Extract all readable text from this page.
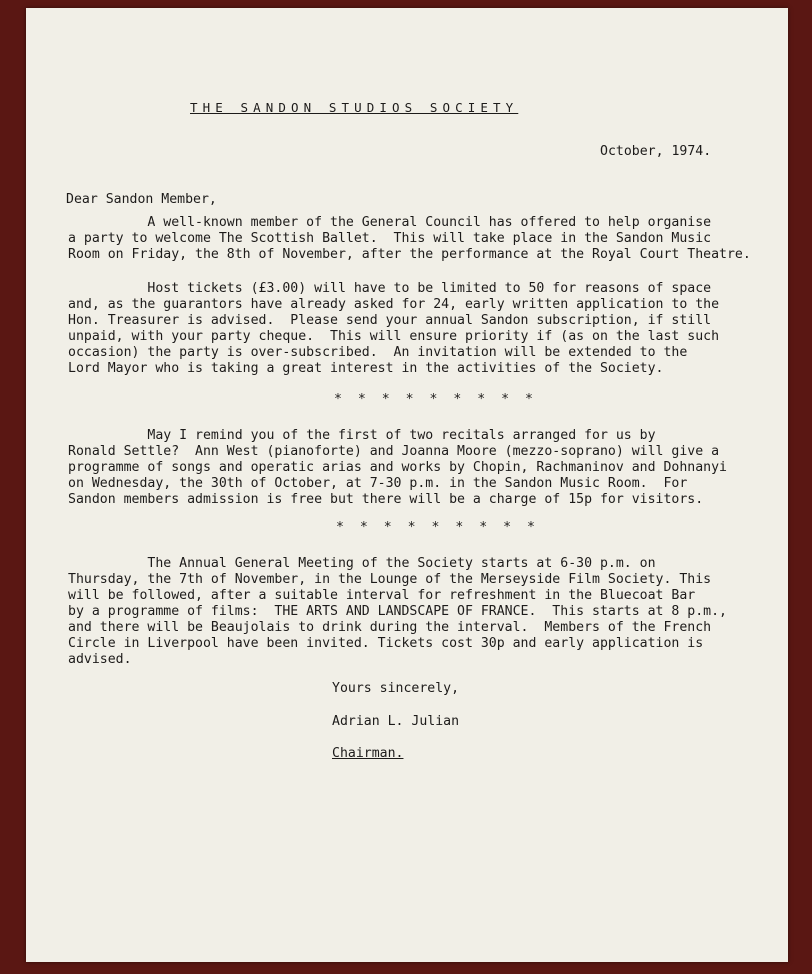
THE SANDON STUDIOS SOCIETY
October, 1974.
Dear Sandon Member,

A well-known member of the General Council has offered to help organise
a party to welcome The Scottish Ballet.  This will take place in the Sandon Music
Room on Friday, the 8th of November, after the performance at the Royal Court Theatre.

Host tickets (£3.00) will have to be limited to 50 for reasons of space
and, as the guarantors have already asked for 24, early written application to the
Hon. Treasurer is advised.  Please send your annual Sandon subscription, if still
unpaid, with your party cheque.  This will ensure priority if (as on the last such
occasion) the party is over-subscribed.  An invitation will be extended to the
Lord Mayor who is taking a great interest in the activities of the Society.

* * * * * * * * *

May I remind you of the first of two recitals arranged for us by
Ronald Settle?  Ann West (pianoforte) and Joanna Moore (mezzo-soprano) will give a
programme of songs and operatic arias and works by Chopin, Rachmaninov and Dohnanyi
on Wednesday, the 30th of October, at 7-30 p.m. in the Sandon Music Room.  For
Sandon members admission is free but there will be a charge of 15p for visitors.

* * * * * * * * *

The Annual General Meeting of the Society starts at 6-30 p.m. on
Thursday, the 7th of November, in the Lounge of the Merseyside Film Society. This
will be followed, after a suitable interval for refreshment in the Bluecoat Bar
by a programme of films:  THE ARTS AND LANDSCAPE OF FRANCE.  This starts at 8 p.m.,
and there will be Beaujolais to drink during the interval.  Members of the French
Circle in Liverpool have been invited. Tickets cost 30p and early application is
advised.

Yours sincerely,
Adrian L. Julian
Chairman.
